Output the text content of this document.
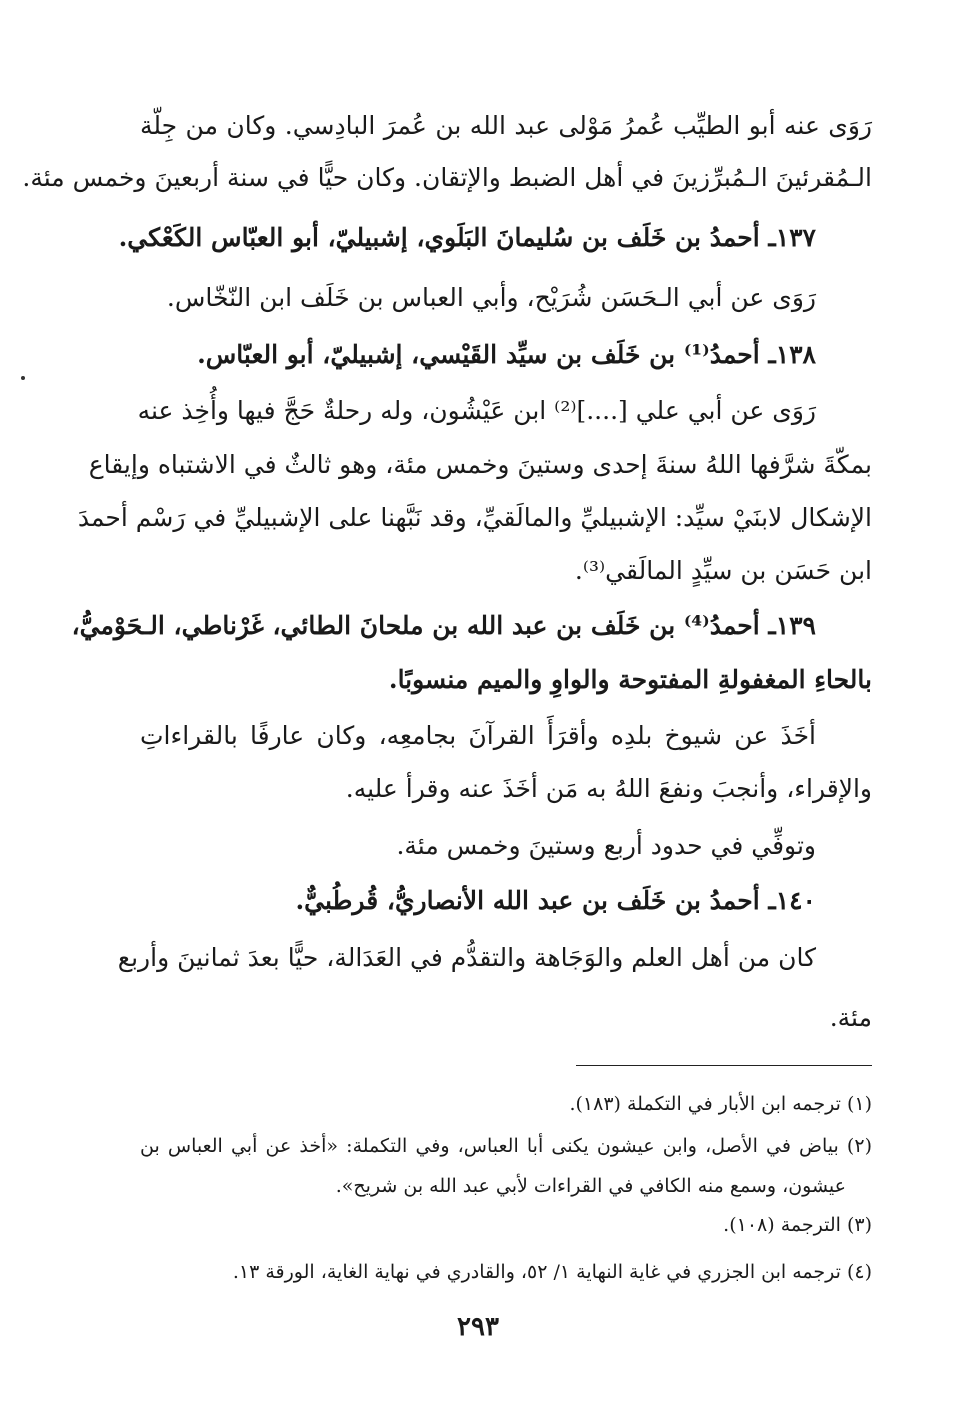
رَوَى عنه أبو الطيِّب عُمرُ مَوْلى عبد الله بن عُمرَ البادِسي. وكان من جِلّة
الـمُقرئينَ الـمُبرِّزينَ في أهل الضبط والإتقان. وكان حيًّا في سنة أربعينَ وخمس مئة.
١٣٧ـ أحمدُ بن خَلَف بن سُليمانَ البَلَوي، إشبيليّ، أبو العبّاس الكَعْكي.
رَوَى عن أبي الـحَسَن شُرَيْح، وأبي العباس بن خَلَف ابن النّخّاس.
١٣٨ـ أحمدُ⁽¹⁾ بن خَلَف بن سيِّد القَيْسي، إشبيليّ، أبو العبّاس.
رَوَى عن أبي علي [....]⁽²⁾ ابن عَيْشُون، وله رحلةٌ حَجَّ فيها وأُخِذ عنه
بمكّةَ شرَّفها اللهُ سنةَ إحدى وستينَ وخمس مئة، وهو ثالثٌ في الاشتباه وإيقاع
الإشكال لابنَيْ سيِّد: الإشبيليِّ والمالَقيِّ، وقد نَبَّهنا على الإشبيليِّ في رَسْم أحمدَ
ابن حَسَن بن سيِّدٍ المالَقي⁽³⁾.
١٣٩ـ أحمدُ⁽⁴⁾ بن خَلَف بن عبد الله بن ملحانَ الطائي، غَرْناطي، الـحَوْميُّ،
بالحاءِ المغفولةِ المفتوحة والواوِ والميم منسوبًا.
أخَذَ عن شيوخ بلدِه وأقرَأَ القرآنَ بجامعِه، وكان عارفًا بالقراءاتِ
والإقراء، وأنجبَ ونفعَ اللهُ به مَن أخَذَ عنه وقرأ عليه.
وتوفِّي في حدود أربع وستينَ وخمس مئة.
١٤٠ـ أحمدُ بن خَلَف بن عبد الله الأنصاريُّ، قُرطُبيٌّ.
كان من أهل العلم والوَجَاهة والتقدُّم في العَدَالة، حيًّا بعدَ ثمانينَ وأربع
مئة.
(١) ترجمه ابن الأبار في التكملة (١٨٣).
(٢) بياض في الأصل، وابن عيشون يكنى أبا العباس، وفي التكملة: «أخذ عن أبي العباس بن
عيشون، وسمع منه الكافي في القراءات لأبي عبد الله بن شريح».
(٣) الترجمة (١٠٨).
(٤) ترجمه ابن الجزري في غاية النهاية ١/ ٥٢، والقادري في نهاية الغاية، الورقة ١٣.
٢٩٣
